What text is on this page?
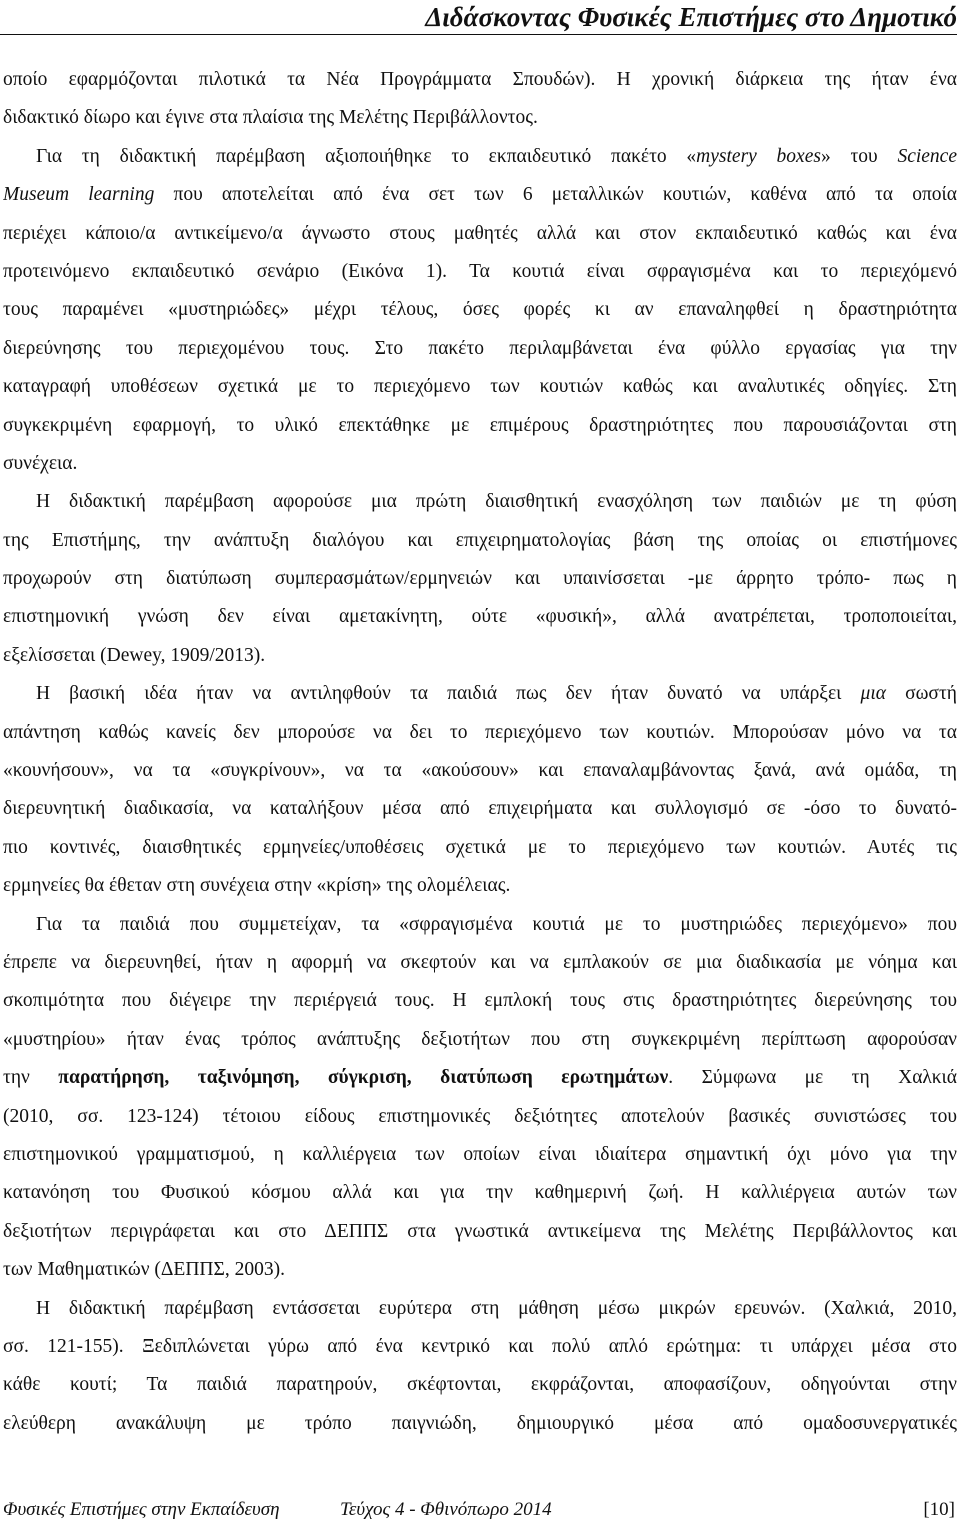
Διδάσκοντας Φυσικές Επιστήμες στο Δημοτικό
οποίο εφαρμόζονται πιλοτικά τα Νέα Προγράμματα Σπουδών). Η χρονική διάρκεια της ήταν ένα
διδακτικό δίωρο και έγινε στα πλαίσια της Μελέτης Περιβάλλοντος.
Για τη διδακτική παρέμβαση αξιοποιήθηκε το εκπαιδευτικό πακέτο «mystery boxes» του Science
Museum learning που αποτελείται από ένα σετ των 6 μεταλλικών κουτιών, καθένα από τα οποία
περιέχει κάποιο/α αντικείμενο/α άγνωστο στους μαθητές αλλά και στον εκπαιδευτικό καθώς και ένα
προτεινόμενο εκπαιδευτικό σενάριο (Εικόνα 1). Τα κουτιά είναι σφραγισμένα και το περιεχόμενό
τους παραμένει «μυστηριώδες» μέχρι τέλους, όσες φορές κι αν επαναληφθεί η δραστηριότητα
διερεύνησης του περιεχομένου τους. Στο πακέτο περιλαμβάνεται ένα φύλλο εργασίας για την
καταγραφή υποθέσεων σχετικά με το περιεχόμενο των κουτιών καθώς και αναλυτικές οδηγίες. Στη
συγκεκριμένη εφαρμογή, το υλικό επεκτάθηκε με επιμέρους δραστηριότητες που παρουσιάζονται στη
συνέχεια.
Η διδακτική παρέμβαση αφορούσε μια πρώτη διαισθητική ενασχόληση των παιδιών με τη φύση
της Επιστήμης, την ανάπτυξη διαλόγου και επιχειρηματολογίας βάση της οποίας οι επιστήμονες
προχωρούν στη διατύπωση συμπερασμάτων/ερμηνειών και υπαινίσσεται -με άρρητο τρόπο- πως η
επιστημονική γνώση δεν είναι αμετακίνητη, ούτε «φυσική», αλλά ανατρέπεται, τροποποιείται,
εξελίσσεται (Dewey, 1909/2013).
Η βασική ιδέα ήταν να αντιληφθούν τα παιδιά πως δεν ήταν δυνατό να υπάρξει μια σωστή
απάντηση καθώς κανείς δεν μπορούσε να δει το περιεχόμενο των κουτιών. Μπορούσαν μόνο να τα
«κουνήσουν», να τα «συγκρίνουν», να τα «ακούσουν» και επαναλαμβάνοντας ξανά, ανά ομάδα, τη
διερευνητική διαδικασία, να καταλήξουν μέσα από επιχειρήματα και συλλογισμό σε -όσο το δυνατό-
πιο κοντινές, διαισθητικές ερμηνείες/υποθέσεις σχετικά με το περιεχόμενο των κουτιών. Αυτές τις
ερμηνείες θα έθεταν στη συνέχεια στην «κρίση» της ολομέλειας.
Για τα παιδιά που συμμετείχαν, τα «σφραγισμένα κουτιά με το μυστηριώδες περιεχόμενο» που
έπρεπε να διερευνηθεί, ήταν η αφορμή να σκεφτούν και να εμπλακούν σε μια διαδικασία με νόημα και
σκοπιμότητα που διέγειρε την περιέργειά τους. Η εμπλοκή τους στις δραστηριότητες διερεύνησης του
«μυστηρίου» ήταν ένας τρόπος ανάπτυξης δεξιοτήτων που στη συγκεκριμένη περίπτωση αφορούσαν
την παρατήρηση, ταξινόμηση, σύγκριση, διατύπωση ερωτημάτων. Σύμφωνα με τη Χαλκιά
(2010, σσ. 123-124) τέτοιου είδους επιστημονικές δεξιότητες αποτελούν βασικές συνιστώσες του
επιστημονικού γραμματισμού, η καλλιέργεια των οποίων είναι ιδιαίτερα σημαντική όχι μόνο για την
κατανόηση του Φυσικού κόσμου αλλά και για την καθημερινή ζωή. Η καλλιέργεια αυτών των
δεξιοτήτων περιγράφεται και στο ΔΕΠΠΣ στα γνωστικά αντικείμενα της Μελέτης Περιβάλλοντος και
των Μαθηματικών (ΔΕΠΠΣ, 2003).
Η διδακτική παρέμβαση εντάσσεται ευρύτερα στη μάθηση μέσω μικρών ερευνών. (Χαλκιά, 2010,
σσ. 121-155). Ξεδιπλώνεται γύρω από ένα κεντρικό και πολύ απλό ερώτημα: τι υπάρχει μέσα στο
κάθε κουτί; Τα παιδιά παρατηρούν, σκέφτονται, εκφράζονται, αποφασίζουν, οδηγούνται στην
ελεύθερη ανακάλυψη με τρόπο παιγνιώδη, δημιουργικό μέσα από ομαδοσυνεργατικές
Φυσικές Επιστήμες στην Εκπαίδευση	Τεύχος 4 - Φθινόπωρο 2014	[10]
